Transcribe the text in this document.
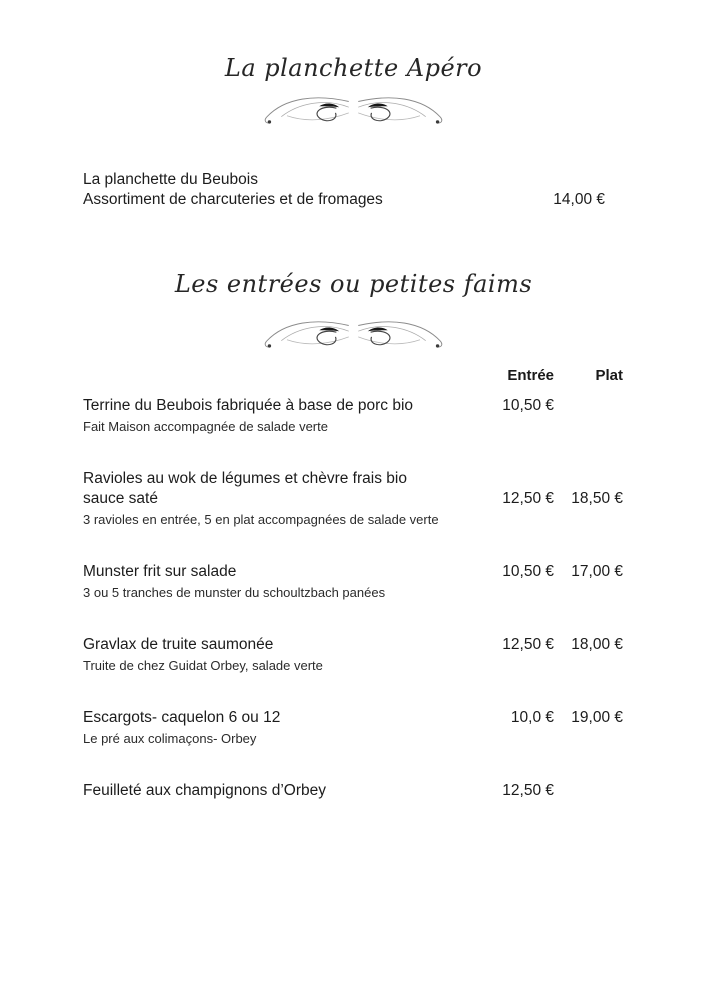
La planchette Apéro
La planchette du Beubois
Assortiment de charcuteries et de fromages	14,00 €
Les entrées ou petites faims
Entrée	Plat
Terrine du Beubois fabriquée à base de porc bio	10,50 €
Fait Maison accompagnée de salade verte
Ravioles au wok de légumes et chèvre frais bio
sauce saté	12,50 €	18,50 €
3 ravioles en entrée, 5 en plat accompagnées de salade verte
Munster frit sur salade	10,50 €	17,00 €
3 ou 5 tranches de munster du schoultzbach panées
Gravlax de truite saumonée	12,50 €	18,00 €
Truite de chez Guidat Orbey, salade verte
Escargots- caquelon 6 ou 12	10,0 €	19,00 €
Le pré aux colimaçons- Orbey
Feuilleté aux champignons d’Orbey	12,50 €
